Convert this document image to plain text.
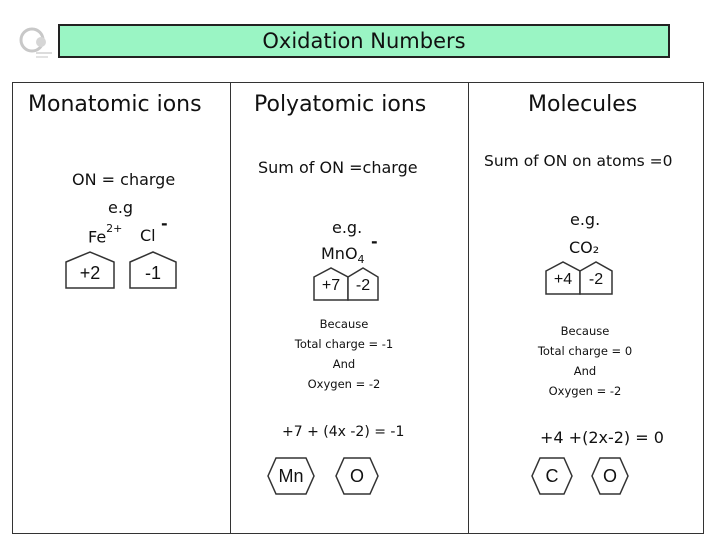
Oxidation Numbers
Monatomic ions
ON = charge
e.g
$Fe^{2+}$ Cl
-
+2	-1
Polyatomic ions
Sum of ON =charge
e.g.
MnO$_4$
-
+7 -2
Because
Total charge = -1
And
Oxygen = -2
+7 + (4x -2) = -1
Mn	O
Molecules
Sum of ON on atoms =0
e.g.
CO₂
+4	-2
Because
Total charge = 0
And
Oxygen = -2
+4 +(2x-2) = 0
C	O
